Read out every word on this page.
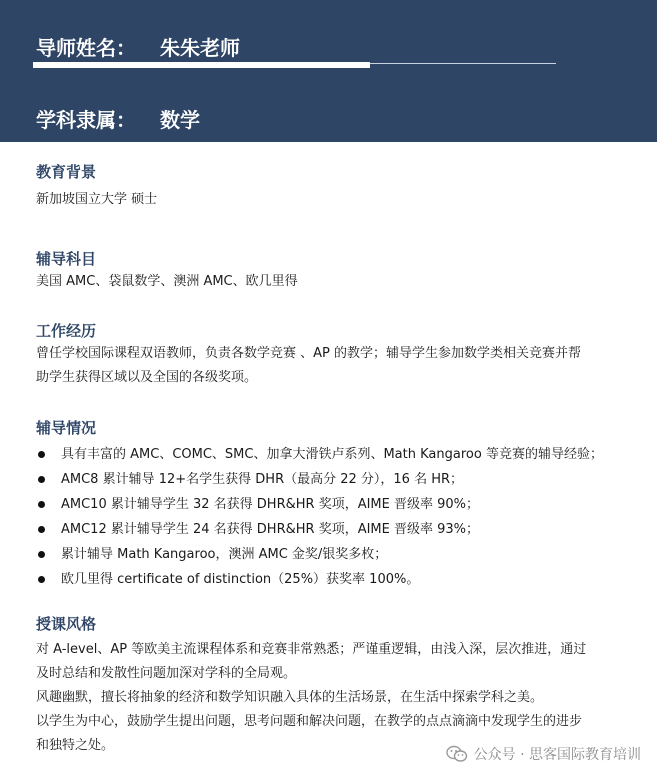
导师姓名： 朱朱老师
学科隶属： 数学
教育背景
新加坡国立大学 硕士
辅导科目
美国 AMC、袋鼠数学、澳洲 AMC、欧几里得
工作经历
曾任学校国际课程双语教师，负责各数学竞赛 、AP 的教学；辅导学生参加数学类相关竞赛并帮
助学生获得区域以及全国的各级奖项。
辅导情况
具有丰富的 AMC、COMC、SMC、加拿大滑铁卢系列、Math Kangaroo 等竞赛的辅导经验；
AMC8 累计辅导 12+名学生获得 DHR（最高分 22 分），16 名 HR；
AMC10 累计辅导学生 32 名获得 DHR&HR 奖项，AIME 晋级率 90%；
AMC12 累计辅导学生 24 名获得 DHR&HR 奖项，AIME 晋级率 93%；
累计辅导 Math Kangaroo，澳洲 AMC 金奖/银奖多枚；
欧几里得 certificate of distinction（25%）获奖率 100%。
授课风格
对 A-level、AP 等欧美主流课程体系和竞赛非常熟悉；严谨重逻辑，由浅入深，层次推进，通过
及时总结和发散性问题加深对学科的全局观。
风趣幽默，擅长将抽象的经济和数学知识融入具体的生活场景，在生活中探索学科之美。
以学生为中心，鼓励学生提出问题，思考问题和解决问题，在教学的点点滴滴中发现学生的进步
和独特之处。
公众号 · 思客国际教育培训
